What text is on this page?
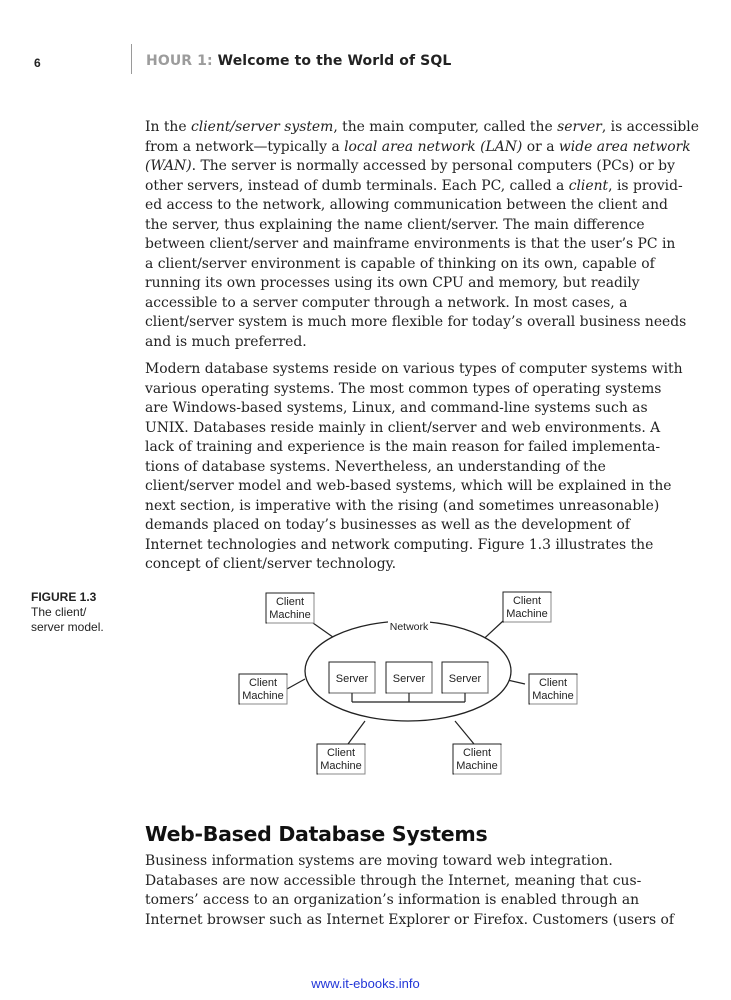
6	HOUR 1: Welcome to the World of SQL

In the client/server system, the main computer, called the server, is accessible
from a network—typically a local area network (LAN) or a wide area network
(WAN). The server is normally accessed by personal computers (PCs) or by
other servers, instead of dumb terminals. Each PC, called a client, is provid-
ed access to the network, allowing communication between the client and
the server, thus explaining the name client/server. The main difference
between client/server and mainframe environments is that the user’s PC in
a client/server environment is capable of thinking on its own, capable of
running its own processes using its own CPU and memory, but readily
accessible to a server computer through a network. In most cases, a
client/server system is much more flexible for today’s overall business needs
and is much preferred.

Modern database systems reside on various types of computer systems with
various operating systems. The most common types of operating systems
are Windows-based systems, Linux, and command-line systems such as
UNIX. Databases reside mainly in client/server and web environments. A
lack of training and experience is the main reason for failed implementa-
tions of database systems. Nevertheless, an understanding of the
client/server model and web-based systems, which will be explained in the
next section, is imperative with the rising (and sometimes unreasonable)
demands placed on today’s businesses as well as the development of
Internet technologies and network computing. Figure 1.3 illustrates the
concept of client/server technology.

FIGURE 1.3
The client/
server model.	Network
Server Server Server
Client
Machine
Client
Machine
Client
Machine
Client
Machine
Client
Machine
Client
Machine
Web-Based Database Systems

Business information systems are moving toward web integration.
Databases are now accessible through the Internet, meaning that cus-
tomers’ access to an organization’s information is enabled through an
Internet browser such as Internet Explorer or Firefox. Customers (users of

www.it-ebooks.info
